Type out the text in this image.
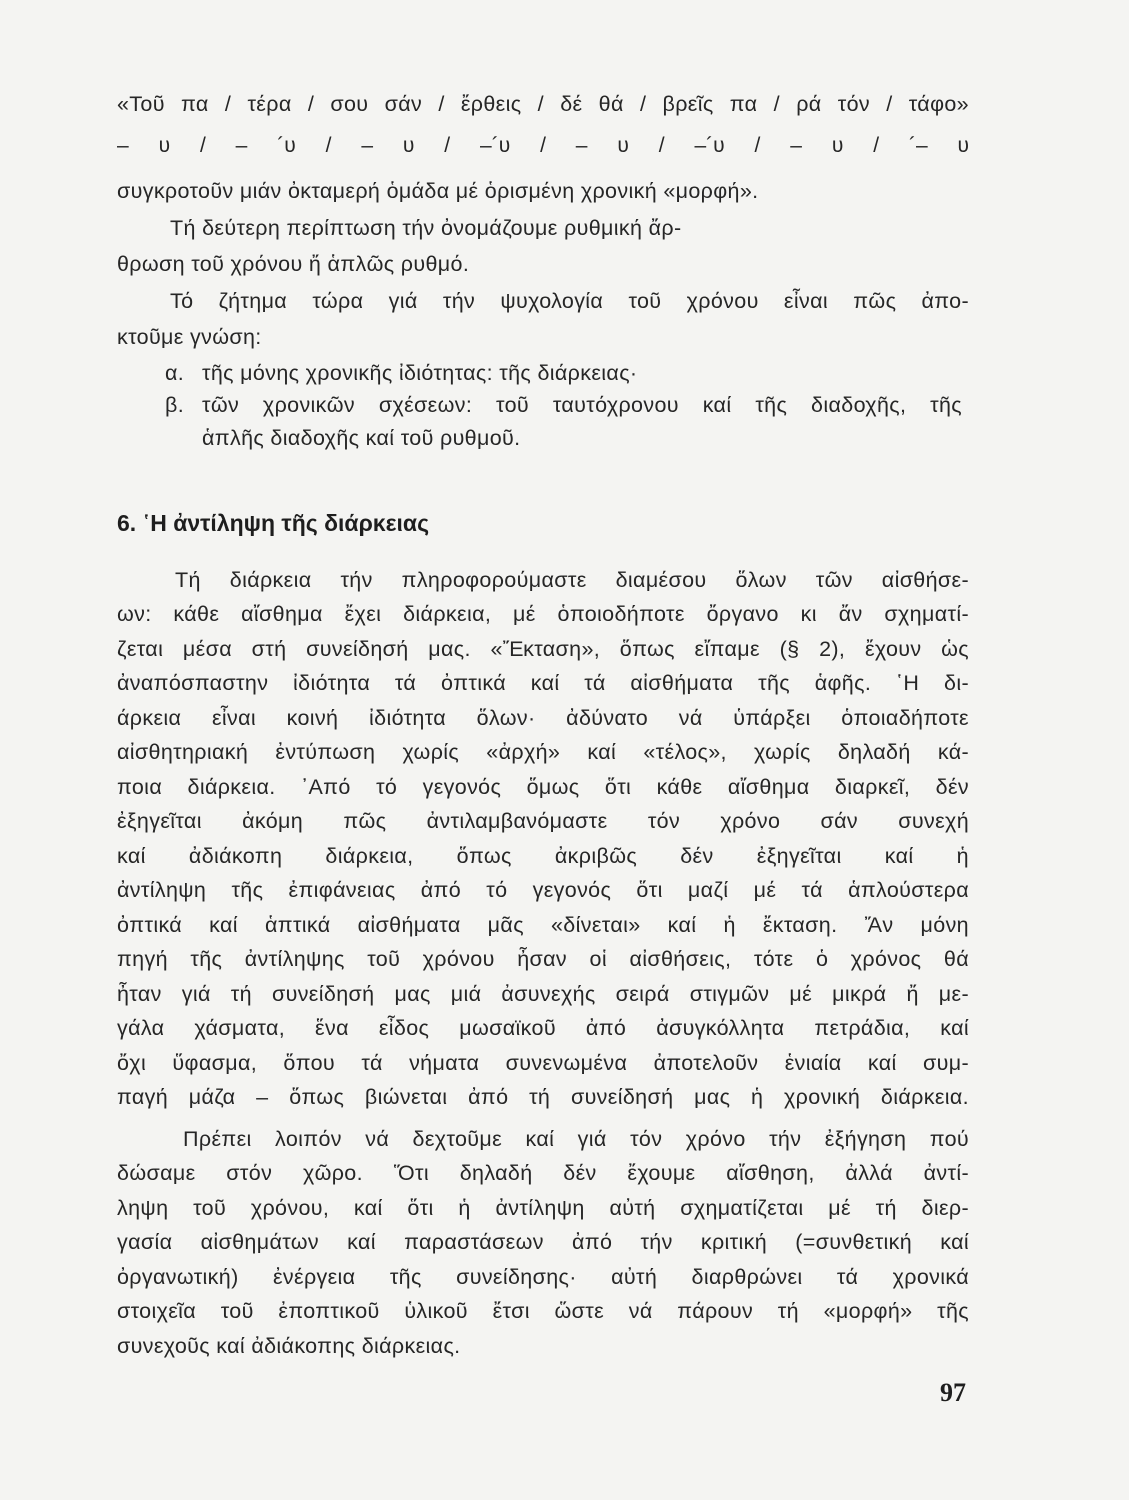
«Τοῦ πα / τέρα / σου σάν / ἔρθεις / δέ θά / βρεῖς πα / ρά τόν / τάφο»
– υ / – ´υ / – υ / –´υ / – υ / –´υ / – υ / ´– υ
συγκροτοῦν μιάν ὀκταμερή ὁμάδα μέ ὁρισμένη χρονική «μορφή».
Τή δεύτερη περίπτωση τήν ὀνομάζουμε ρυθμική ἄρ-
θρωση τοῦ χρόνου ἤ ἁπλῶς ρυθμό.
Τό ζήτημα τώρα γιά τήν ψυχολογία τοῦ χρόνου εἶναι πῶς ἀπο-
κτοῦμε γνώση:
α. τῆς μόνης χρονικῆς ἰδιότητας: τῆς διάρκειας·
β. τῶν χρονικῶν σχέσεων: τοῦ ταυτόχρονου καί τῆς διαδοχῆς, τῆς
ἁπλῆς διαδοχῆς καί τοῦ ρυθμοῦ.
6. ῾Η ἀντίληψη τῆς διάρκειας
Τή διάρκεια τήν πληροφορούμαστε διαμέσου ὅλων τῶν αἰσθήσε-
ων: κάθε αἴσθημα ἔχει διάρκεια, μέ ὁποιοδήποτε ὄργανο κι ἄν σχηματί-
ζεται μέσα στή συνείδησή μας. «Ἔκταση», ὅπως εἴπαμε (§ 2), ἔχουν ὡς
ἀναπόσπαστην ἰδιότητα τά ὀπτικά καί τά αἰσθήματα τῆς ἁφῆς. ῾Η δι-
άρκεια εἶναι κοινή ἰδιότητα ὅλων· ἀδύνατο νά ὑπάρξει ὁποιαδήποτε
αἰσθητηριακή ἐντύπωση χωρίς «ἀρχή» καί «τέλος», χωρίς δηλαδή κά-
ποια διάρκεια. ᾽Από τό γεγονός ὅμως ὅτι κάθε αἴσθημα διαρκεῖ, δέν
ἐξηγεῖται ἀκόμη πῶς ἀντιλαμβανόμαστε τόν χρόνο σάν συνεχή
καί ἀδιάκοπη διάρκεια, ὅπως ἀκριβῶς δέν ἐξηγεῖται καί ἡ
ἀντίληψη τῆς ἐπιφάνειας ἀπό τό γεγονός ὅτι μαζί μέ τά ἁπλούστερα
ὀπτικά καί ἁπτικά αἰσθήματα μᾶς «δίνεται» καί ἡ ἔκταση. Ἄν μόνη
πηγή τῆς ἀντίληψης τοῦ χρόνου ἦσαν οἱ αἰσθήσεις, τότε ὁ χρόνος θά
ἦταν γιά τή συνείδησή μας μιά ἀσυνεχής σειρά στιγμῶν μέ μικρά ἤ με-
γάλα χάσματα, ἕνα εἶδος μωσαϊκοῦ ἀπό ἀσυγκόλλητα πετράδια, καί
ὄχι ὕφασμα, ὅπου τά νήματα συνενωμένα ἀποτελοῦν ἑνιαία καί συμ-
παγή μάζα – ὅπως βιώνεται ἀπό τή συνείδησή μας ἡ χρονική διάρκεια.
Πρέπει λοιπόν νά δεχτοῦμε καί γιά τόν χρόνο τήν ἐξήγηση πού
δώσαμε στόν χῶρο. Ὅτι δηλαδή δέν ἔχουμε αἴσθηση, ἀλλά ἀντί-
ληψη τοῦ χρόνου, καί ὅτι ἡ ἀντίληψη αὐτή σχηματίζεται μέ τή διερ-
γασία αἰσθημάτων καί παραστάσεων ἀπό τήν κριτική (=συνθετική καί
ὀργανωτική) ἐνέργεια τῆς συνείδησης· αὐτή διαρθρώνει τά χρονικά
στοιχεῖα τοῦ ἐποπτικοῦ ὑλικοῦ ἔτσι ὥστε νά πάρουν τή «μορφή» τῆς
συνεχοῦς καί ἀδιάκοπης διάρκειας.
97
